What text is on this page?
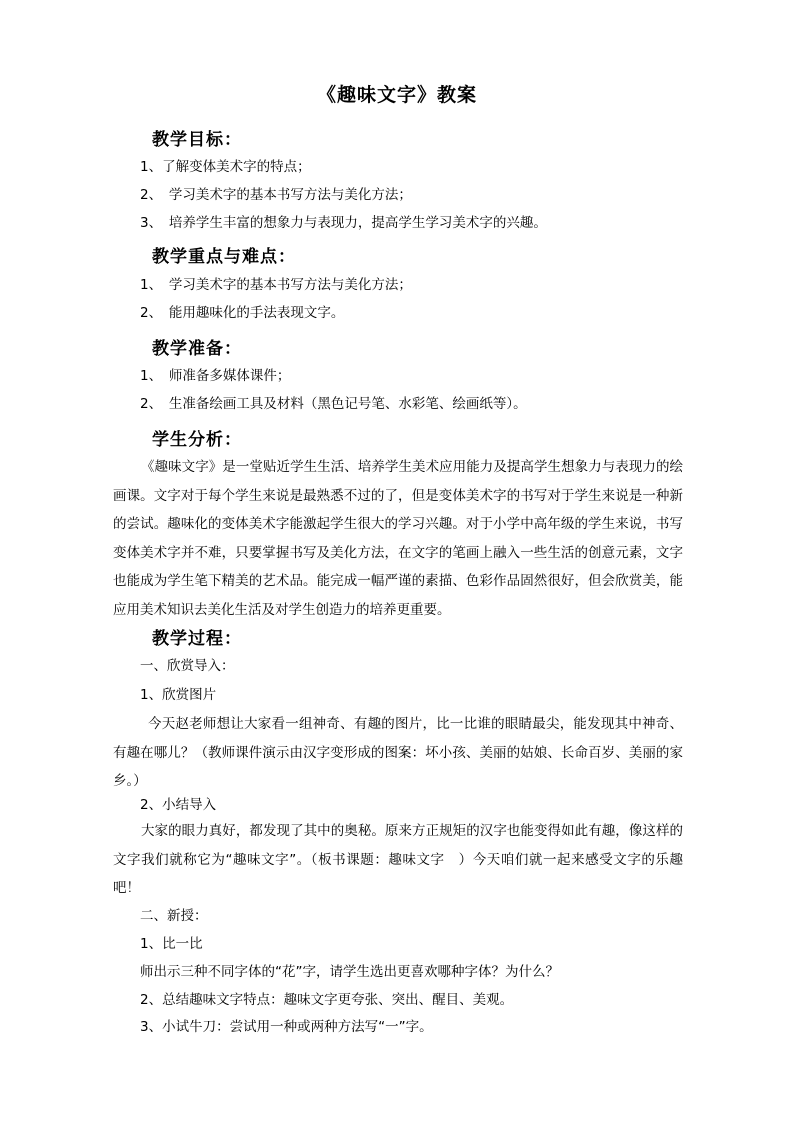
《趣味文字》教案
教学目标：
1、了解变体美术字的特点；
2、　学习美术字的基本书写方法与美化方法；
3、　培养学生丰富的想象力与表现力，提高学生学习美术字的兴趣。
教学重点与难点：
1、　学习美术字的基本书写方法与美化方法；
2、　能用趣味化的手法表现文字。
教学准备：
1、　师准备多媒体课件；
2、　生准备绘画工具及材料（黑色记号笔、水彩笔、绘画纸等）。
学生分析：
《趣味文字》是一堂贴近学生生活、培养学生美术应用能力及提高学生想象力与表现力的绘画课。文字对于每个学生来说是最熟悉不过的了，但是变体美术字的书写对于学生来说是一种新的尝试。趣味化的变体美术字能激起学生很大的学习兴趣。对于小学中高年级的学生来说，书写变体美术字并不难，只要掌握书写及美化方法，在文字的笔画上融入一些生活的创意元素，文字也能成为学生笔下精美的艺术品。能完成一幅严谨的素描、色彩作品固然很好，但会欣赏美，能应用美术知识去美化生活及对学生创造力的培养更重要。
教学过程：
一、欣赏导入：
1、欣赏图片
今天赵老师想让大家看一组神奇、有趣的图片，比一比谁的眼睛最尖，能发现其中神奇、有趣在哪儿？（教师课件演示由汉字变形成的图案：坏小孩、美丽的姑娘、长命百岁、美丽的家乡。）
2、小结导入
大家的眼力真好，都发现了其中的奥秘。原来方正规矩的汉字也能变得如此有趣，像这样的文字我们就称它为“趣味文字”。（板书课题：趣味文字　）今天咱们就一起来感受文字的乐趣吧！
二、新授：
1、比一比
师出示三种不同字体的“花”字，请学生选出更喜欢哪种字体？为什么？
2、总结趣味文字特点：趣味文字更夸张、突出、醒目、美观。
3、小试牛刀：尝试用一种或两种方法写“一”字。
